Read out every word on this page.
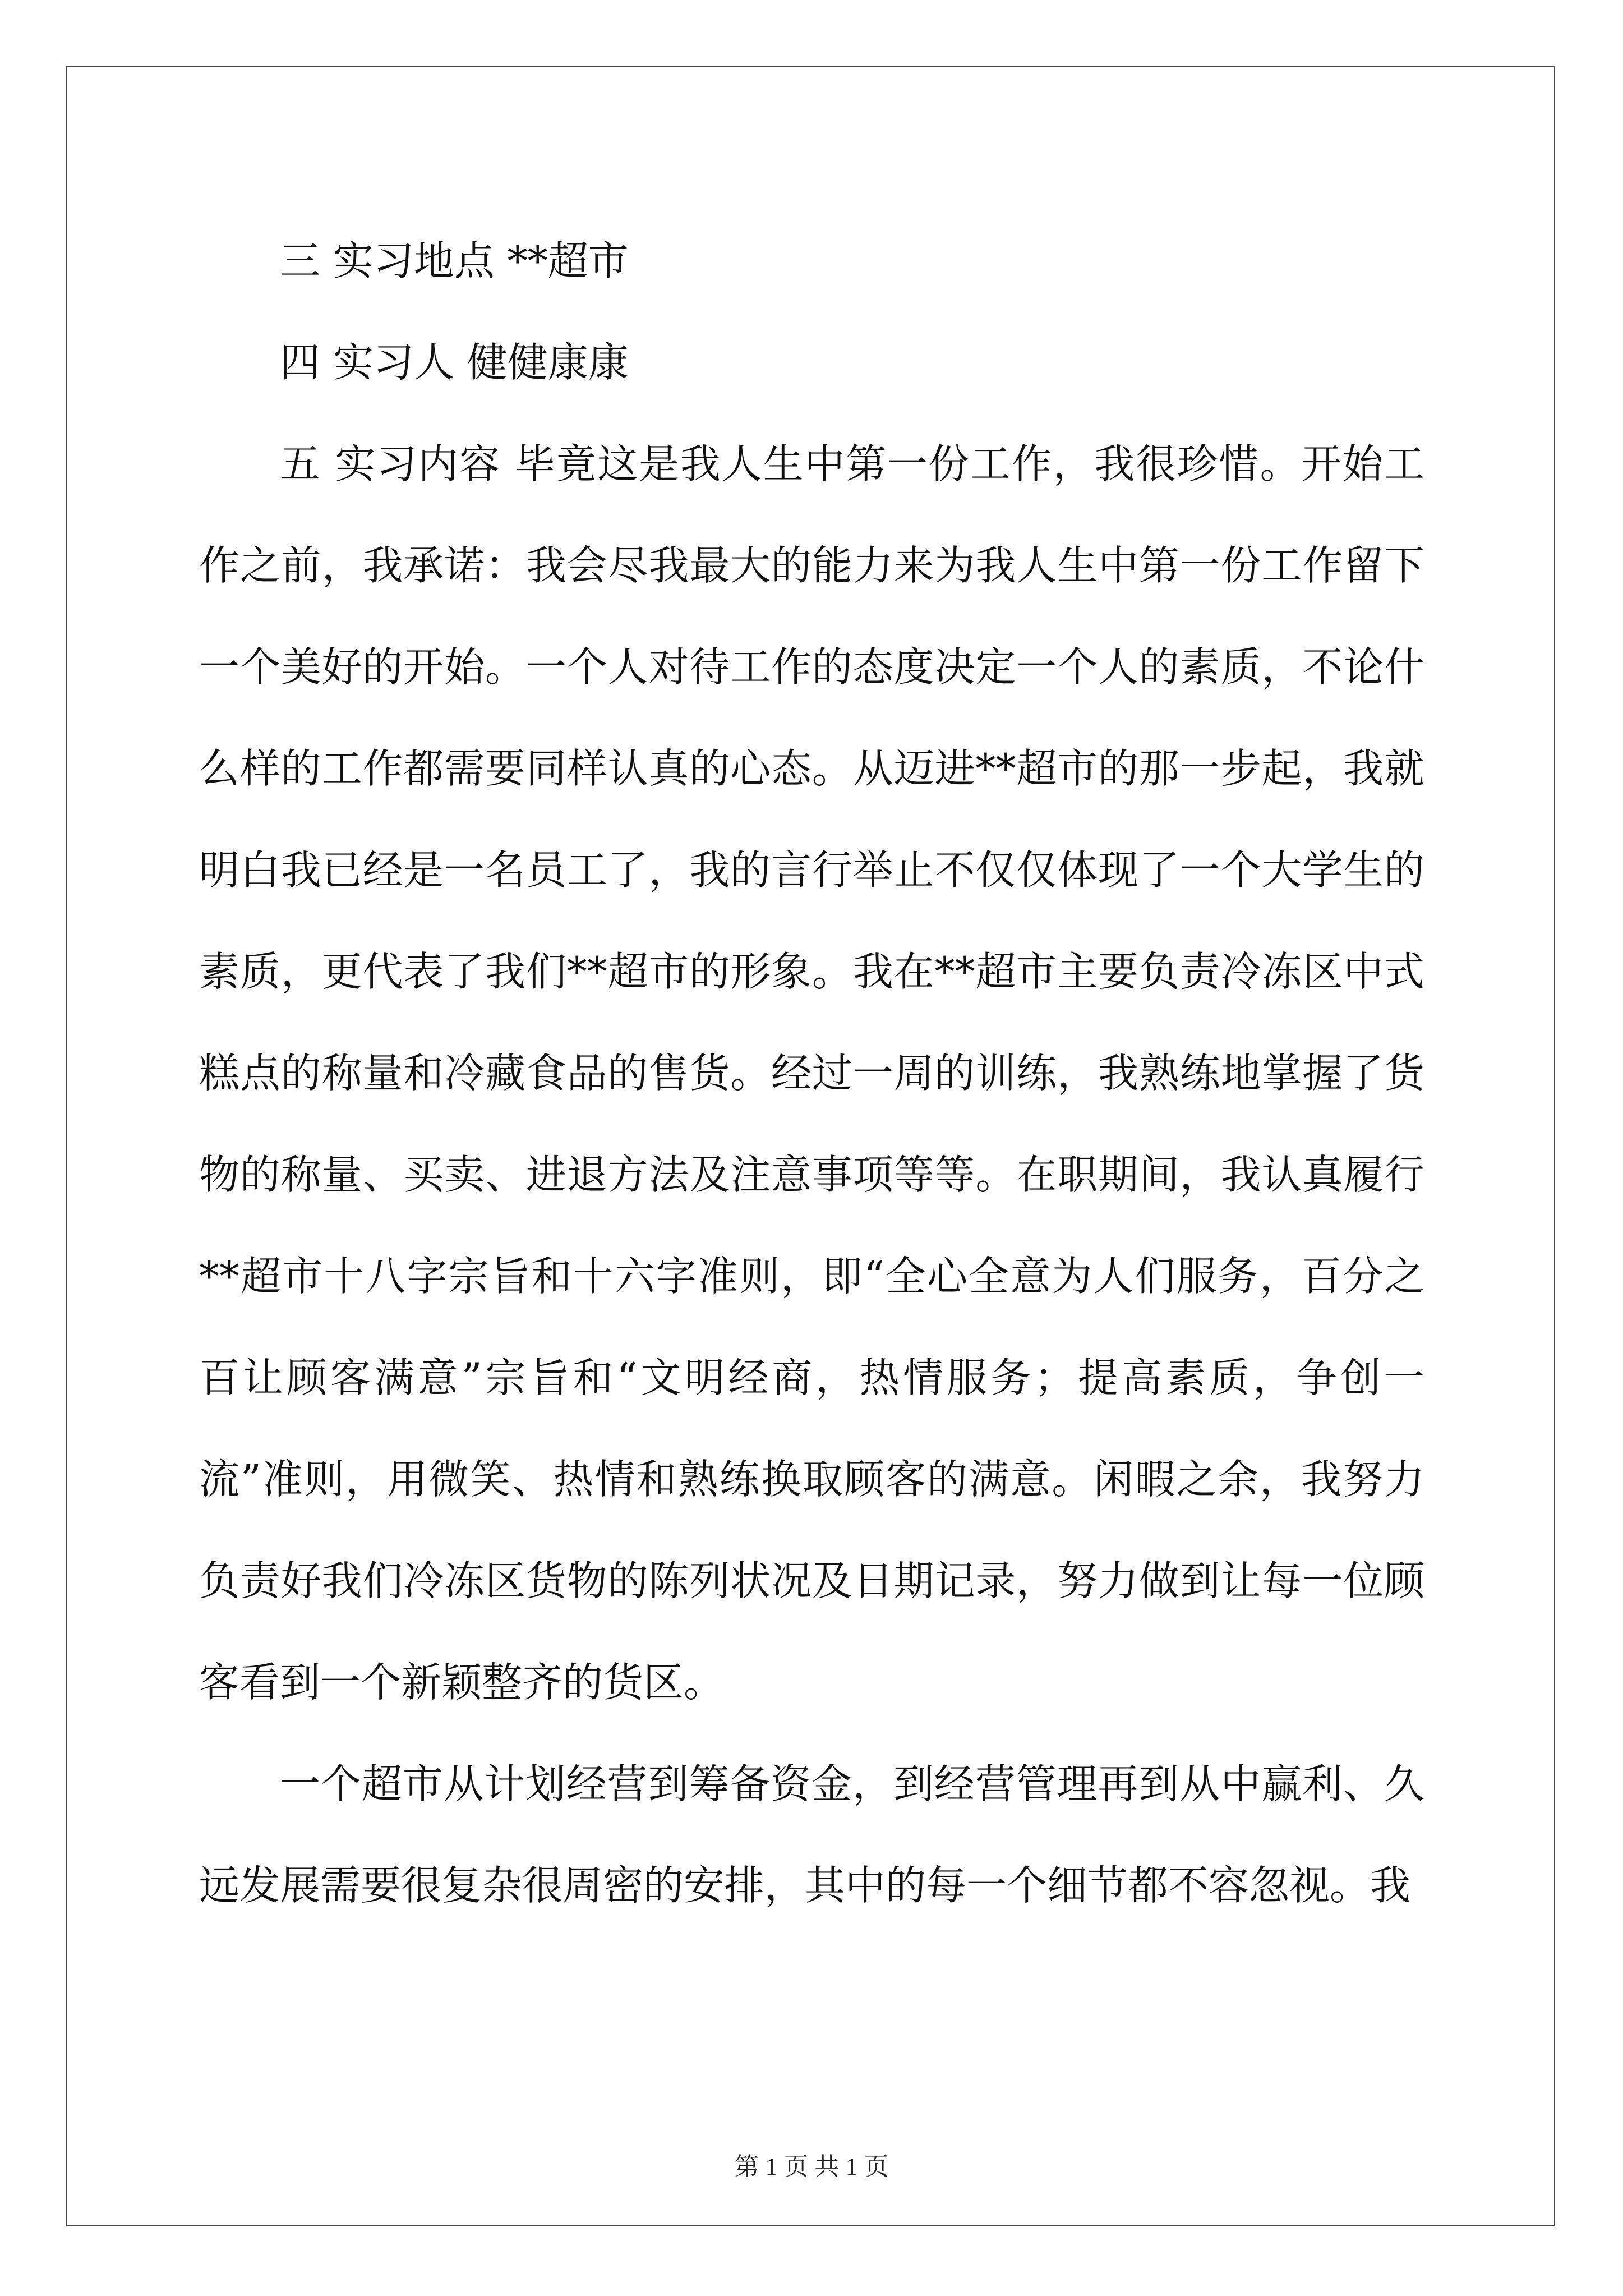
三 实习地点 **超市

四 实习人 健健康康

五 实习内容 毕竟这是我人生中第一份工作，我很珍惜。开始工作之前，我承诺：我会尽我最大的能力来为我人生中第一份工作留下一个美好的开始。一个人对待工作的态度决定一个人的素质，不论什么样的工作都需要同样认真的心态。从迈进**超市的那一步起，我就明白我已经是一名员工了，我的言行举止不仅仅体现了一个大学生的素质，更代表了我们**超市的形象。我在**超市主要负责冷冻区中式糕点的称量和冷藏食品的售货。经过一周的训练，我熟练地掌握了货物的称量、买卖、进退方法及注意事项等等。在职期间，我认真履行**超市十八字宗旨和十六字准则，即“全心全意为人们服务，百分之百让顾客满意”宗旨和“文明经商，热情服务；提高素质，争创一流”准则，用微笑、热情和熟练换取顾客的满意。闲暇之余，我努力负责好我们冷冻区货物的陈列状况及日期记录，努力做到让每一位顾客看到一个新颖整齐的货区。

一个超市从计划经营到筹备资金，到经营管理再到从中赢利、久远发展需要很复杂很周密的安排，其中的每一个细节都不容忽视。我

第 1 页 共 1 页
